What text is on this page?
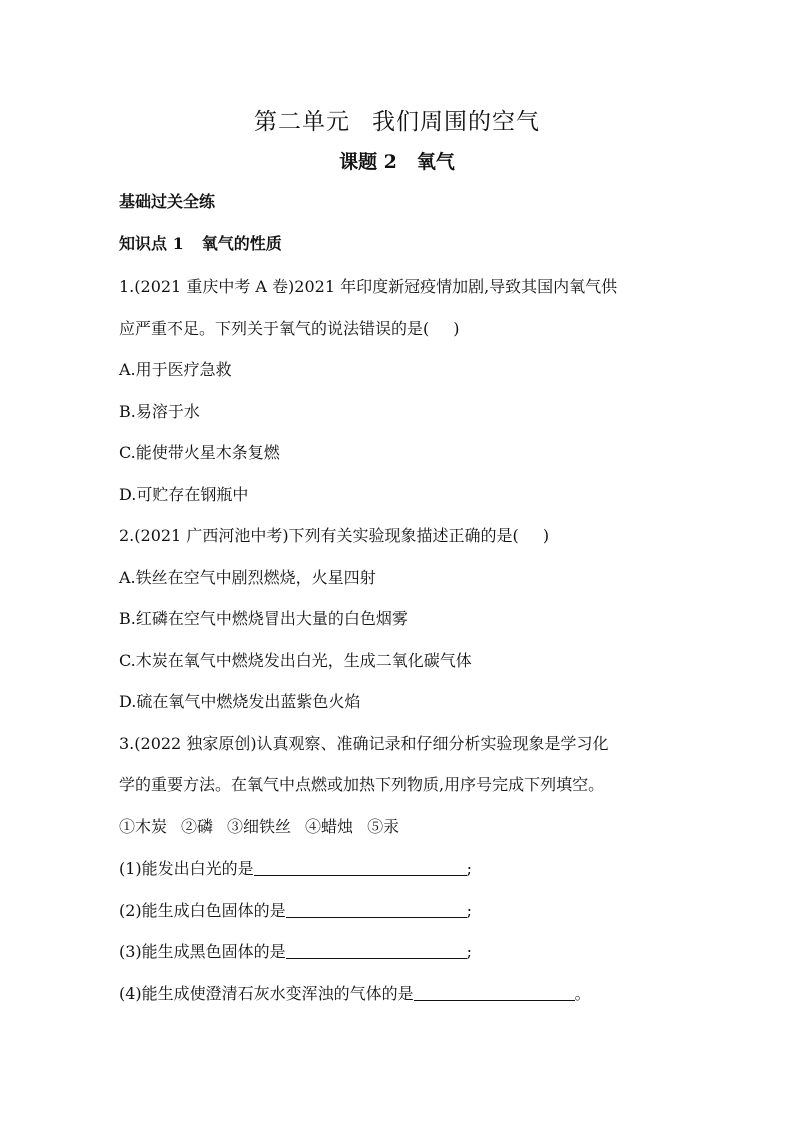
第二单元 我们周围的空气
课题 2 氧气
基础过关全练
知识点 1 氧气的性质
1.(2021 重庆中考 A 卷)2021 年印度新冠疫情加剧,导致其国内氧气供
应严重不足。下列关于氧气的说法错误的是( )
A.用于医疗急救
B.易溶于水
C.能使带火星木条复燃
D.可贮存在钢瓶中
2.(2021 广西河池中考)下列有关实验现象描述正确的是( )
A.铁丝在空气中剧烈燃烧，火星四射
B.红磷在空气中燃烧冒出大量的白色烟雾
C.木炭在氧气中燃烧发出白光，生成二氧化碳气体
D.硫在氧气中燃烧发出蓝紫色火焰
3.(2022 独家原创)认真观察、准确记录和仔细分析实验现象是学习化
学的重要方法。在氧气中点燃或加热下列物质,用序号完成下列填空。
①木炭 ②磷 ③细铁丝 ④蜡烛 ⑤汞
(1)能发出白光的是	;
(2)能生成白色固体的是	;
(3)能生成黑色固体的是	;
(4)能生成使澄清石灰水变浑浊的气体的是	。
